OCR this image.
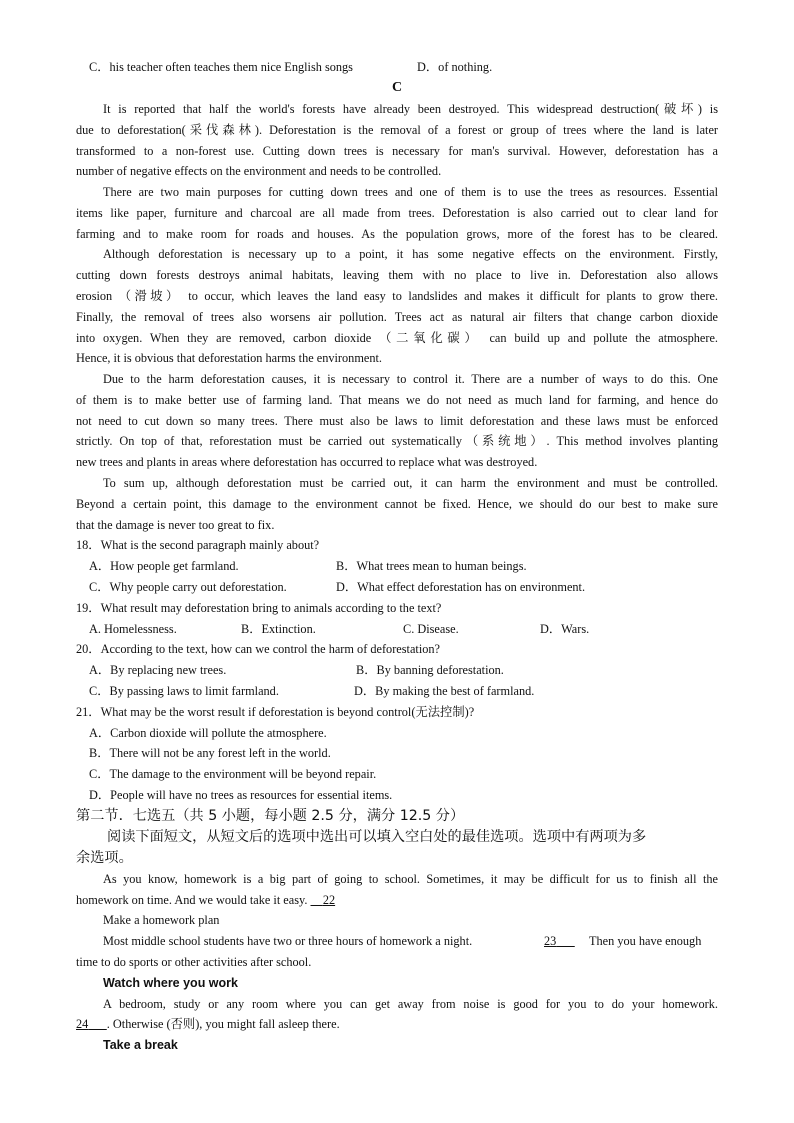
C．his teacher often teaches them nice English songs	D．of nothing.
C
It is reported that half the world's forests have already been destroyed. This widespread destruction(破坏) is
due to deforestation(采伐森林). Deforestation is the removal of a forest or group of trees where the land is later
transformed to a non-forest use. Cutting down trees is necessary for man's survival. However, deforestation has a
number of negative effects on the environment and needs to be controlled.
There are two main purposes for cutting down trees and one of them is to use the trees as resources. Essential
items like paper, furniture and charcoal are all made from trees. Deforestation is also carried out to clear land for
farming and to make room for roads and houses. As the population grows, more of the forest has to be cleared.
Although deforestation is necessary up to a point, it has some negative effects on the environment. Firstly,
cutting down forests destroys animal habitats, leaving them with no place to live in. Deforestation also allows
erosion （滑坡） to occur, which leaves the land easy to landslides and makes it difficult for plants to grow there.
Finally, the removal of trees also worsens air pollution. Trees act as natural air filters that change carbon dioxide
into oxygen. When they are removed, carbon dioxide （二氧化碳） can build up and pollute the atmosphere.
Hence, it is obvious that deforestation harms the environment.
Due to the harm deforestation causes, it is necessary to control it. There are a number of ways to do this. One
of them is to make better use of farming land. That means we do not need as much land for farming, and hence do
not need to cut down so many trees. There must also be laws to limit deforestation and these laws must be enforced
strictly. On top of that, reforestation must be carried out systematically（系统地）. This method involves planting
new trees and plants in areas where deforestation has occurred to replace what was destroyed.
To sum up, although deforestation must be carried out, it can harm the environment and must be controlled.
Beyond a certain point, this damage to the environment cannot be fixed. Hence, we should do our best to make sure
that the damage is never too great to fix.
18．What is the second paragraph mainly about?
A．How people get farmland.	B．What trees mean to human beings.
C．Why people carry out deforestation.	D．What effect deforestation has on environment.
19．What result may deforestation bring to animals according to the text?
A. Homelessness.	B．Extinction.	C. Disease.	D．Wars.
20．According to the text, how can we control the harm of deforestation?
A．By replacing new trees.	B．By banning deforestation.
C．By passing laws to limit farmland.	D．By making the best of farmland.
21．What may be the worst result if deforestation is beyond control(无法控制)?
A．Carbon dioxide will pollute the atmosphere.
B．There will not be any forest left in the world.
C．The damage to the environment will be beyond repair.
D．People will have no trees as resources for essential items.
第二节．七选五（共 5 小题，每小题 2.5 分，满分 12.5 分）
阅读下面短文，从短文后的选项中选出可以填入空白处的最佳选项。选项中有两项为多
余选项。
As you know, homework is a big part of going to school. Sometimes, it may be difficult for us to finish all the
homework on time. And we would take it easy. 22
Make a homework plan
Most middle school students have two or three hours of homework a night.	23	Then you have enough
time to do sports or other activities after school.
Watch where you work
A bedroom, study or any room where you can get away from noise is good for you to do your homework.
24 . Otherwise (否则), you might fall asleep there.
Take a break
